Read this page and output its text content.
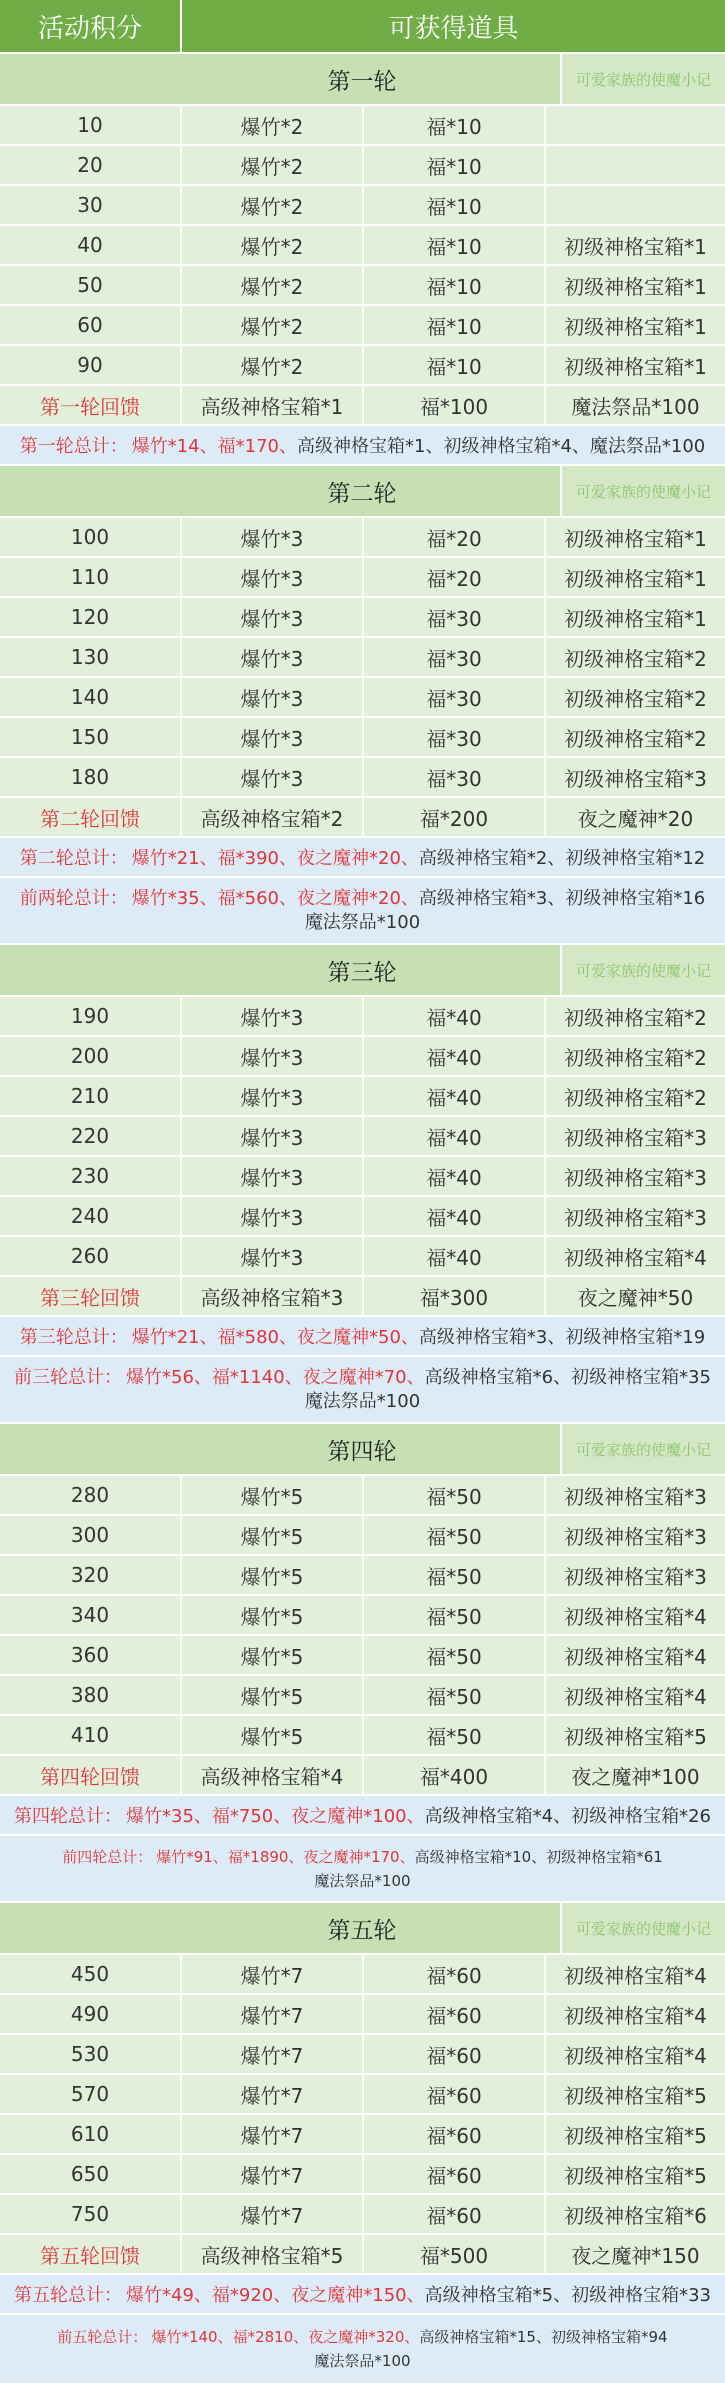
活动积分	可获得道具
第一轮	可爱家族的使魔小记
10	爆竹*2	福*10
20	爆竹*2	福*10
30	爆竹*2	福*10
40	爆竹*2	福*10	初级神格宝箱*1
50	爆竹*2	福*10	初级神格宝箱*1
60	爆竹*2	福*10	初级神格宝箱*1
90	爆竹*2	福*10	初级神格宝箱*1
第一轮回馈	高级神格宝箱*1	福*100	魔法祭品*100
第一轮总计： 爆竹*14、福*170、 高级神格宝箱*1、初级神格宝箱*4、魔法祭品*100
第二轮	可爱家族的使魔小记
100	爆竹*3	福*20	初级神格宝箱*1
110	爆竹*3	福*20	初级神格宝箱*1
120	爆竹*3	福*30	初级神格宝箱*1
130	爆竹*3	福*30	初级神格宝箱*2
140	爆竹*3	福*30	初级神格宝箱*2
150	爆竹*3	福*30	初级神格宝箱*2
180	爆竹*3	福*30	初级神格宝箱*3
第二轮回馈	高级神格宝箱*2	福*200	夜之魔神*20
第二轮总计： 爆竹*21、福*390、夜之魔神*20、 高级神格宝箱*2、初级神格宝箱*12
前两轮总计： 爆竹*35、福*560、夜之魔神*20、 高级神格宝箱*3、初级神格宝箱*16
魔法祭品*100
第三轮	可爱家族的使魔小记
190	爆竹*3	福*40	初级神格宝箱*2
200	爆竹*3	福*40	初级神格宝箱*2
210	爆竹*3	福*40	初级神格宝箱*2
220	爆竹*3	福*40	初级神格宝箱*3
230	爆竹*3	福*40	初级神格宝箱*3
240	爆竹*3	福*40	初级神格宝箱*3
260	爆竹*3	福*40	初级神格宝箱*4
第三轮回馈	高级神格宝箱*3	福*300	夜之魔神*50
第三轮总计： 爆竹*21、福*580、夜之魔神*50、 高级神格宝箱*3、初级神格宝箱*19
前三轮总计： 爆竹*56、福*1140、夜之魔神*70、 高级神格宝箱*6、初级神格宝箱*35
魔法祭品*100
第四轮	可爱家族的使魔小记
280	爆竹*5	福*50	初级神格宝箱*3
300	爆竹*5	福*50	初级神格宝箱*3
320	爆竹*5	福*50	初级神格宝箱*3
340	爆竹*5	福*50	初级神格宝箱*4
360	爆竹*5	福*50	初级神格宝箱*4
380	爆竹*5	福*50	初级神格宝箱*4
410	爆竹*5	福*50	初级神格宝箱*5
第四轮回馈	高级神格宝箱*4	福*400	夜之魔神*100
第四轮总计： 爆竹*35、福*750、夜之魔神*100、 高级神格宝箱*4、初级神格宝箱*26
前四轮总计： 爆竹*91、福*1890、夜之魔神*170、 高级神格宝箱*10、初级神格宝箱*61
魔法祭品*100
第五轮	可爱家族的使魔小记
450	爆竹*7	福*60	初级神格宝箱*4
490	爆竹*7	福*60	初级神格宝箱*4
530	爆竹*7	福*60	初级神格宝箱*4
570	爆竹*7	福*60	初级神格宝箱*5
610	爆竹*7	福*60	初级神格宝箱*5
650	爆竹*7	福*60	初级神格宝箱*5
750	爆竹*7	福*60	初级神格宝箱*6
第五轮回馈	高级神格宝箱*5	福*500	夜之魔神*150
第五轮总计： 爆竹*49、福*920、夜之魔神*150、 高级神格宝箱*5、初级神格宝箱*33
前五轮总计： 爆竹*140、福*2810、夜之魔神*320、 高级神格宝箱*15、初级神格宝箱*94
魔法祭品*100
